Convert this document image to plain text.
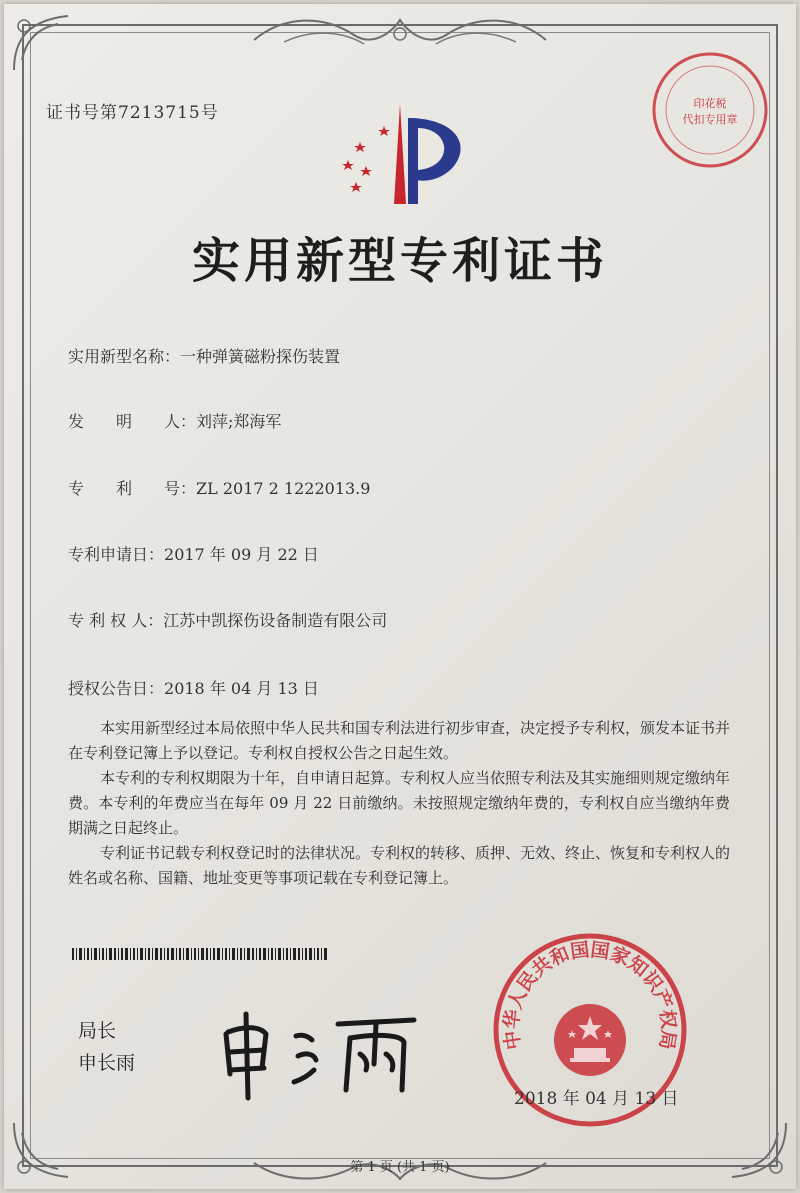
证书号第7213715号	印花税
代扣专用章
实用新型专利证书
实用新型名称：一种弹簧磁粉探伤装置
发　　明　　人：刘萍;郑海军
专　　利　　号：ZL 2017 2 1222013.9
专利申请日：2017 年 09 月 22 日
专 利 权 人：江苏中凯探伤设备制造有限公司
授权公告日：2018 年 04 月 13 日

本实用新型经过本局依照中华人民共和国专利法进行初步审查，决定授予专利权，颁发本证书并在专利登记簿上予以登记。专利权自授权公告之日起生效。

本专利的专利权期限为十年，自申请日起算。专利权人应当依照专利法及其实施细则规定缴纳年费。本专利的年费应当在每年 09 月 22 日前缴纳。未按照规定缴纳年费的，专利权自应当缴纳年费期满之日起终止。

专利证书记载专利权登记时的法律状况。专利权的转移、质押、无效、终止、恢复和专利权人的姓名或名称、国籍、地址变更等事项记载在专利登记簿上。

局长
申长雨
中华人民共和国国家知识产权局
2018 年 04 月 13 日
第 1 页 (共 1 页)
